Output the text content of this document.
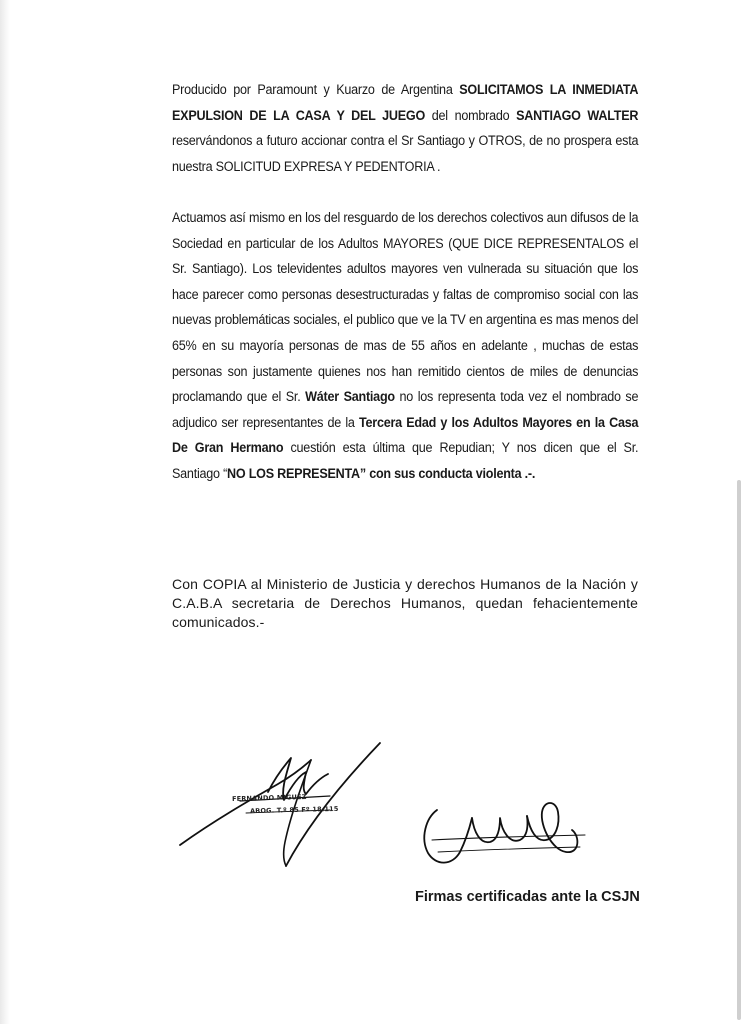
Producido por Paramount y Kuarzo de Argentina SOLICITAMOS LA INMEDIATA EXPULSION DE LA CASA Y DEL JUEGO del nombrado SANTIAGO WALTER reservándonos a futuro accionar contra el Sr Santiago y OTROS, de no prospera esta nuestra SOLICITUD EXPRESA Y PEDENTORIA .

Actuamos así mismo en los del resguardo de los derechos colectivos aun difusos de la Sociedad en particular de los Adultos MAYORES (QUE DICE REPRESENTALOS el Sr. Santiago). Los televidentes adultos mayores ven vulnerada su situación que los hace parecer como personas desestructuradas y faltas de compromiso social con las nuevas problemáticas sociales, el publico que ve la TV en argentina es mas menos del 65% en su mayoría personas de mas de 55 años en adelante , muchas de estas personas son justamente quienes nos han remitido cientos de miles de denuncias proclamando que el Sr. Wáter Santiago no los representa toda vez el nombrado se adjudico ser representantes de la Tercera Edad y los Adultos Mayores en la Casa De Gran Hermano cuestión esta última que Repudian; Y nos dicen que el Sr. Santiago “NO LOS REPRESENTA” con sus conducta violenta .-.

Con COPIA al Ministerio de Justicia y derechos Humanos de la Nación y C.A.B.A secretaria de Derechos Humanos, quedan fehacientemente comunicados.-

FERNANDO MIGUEZ
ABOG. T.º 85 Fº 18.115
Firmas certificadas ante la CSJN
